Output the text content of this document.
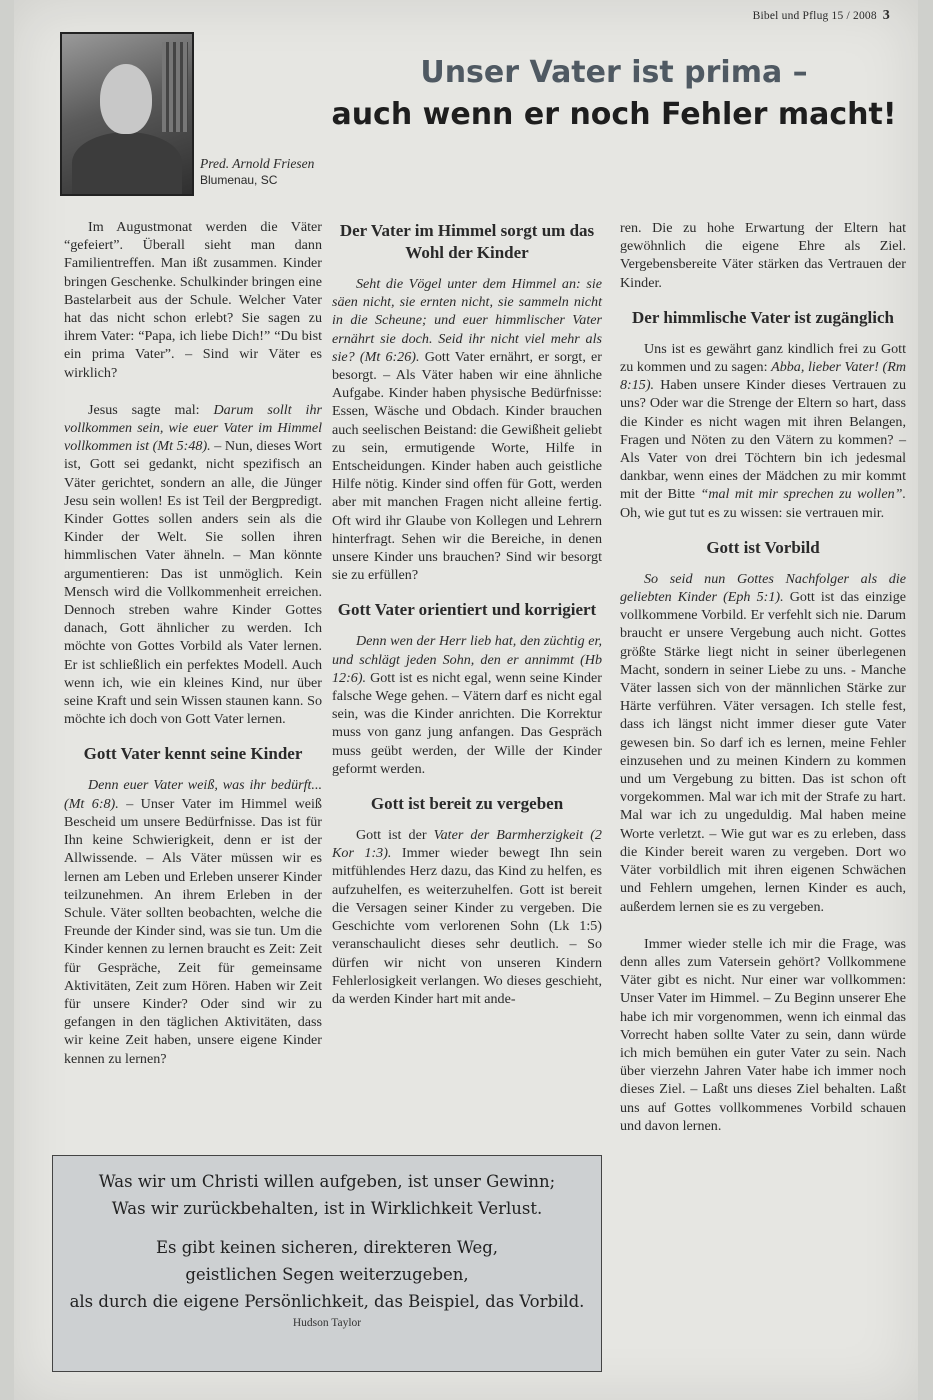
Bibel und Pflug 15 / 2008 3
Pred. Arnold Friesen
Blumenau, SC
Unser Vater ist prima –
auch wenn er noch Fehler macht!

Im Augustmonat werden die Väter “gefeiert”. Überall sieht man dann Familientreffen. Man ißt zusammen. Kinder bringen Geschenke. Schulkinder bringen eine Bastelarbeit aus der Schule. Welcher Vater hat das nicht schon erlebt? Sie sagen zu ihrem Vater: “Papa, ich liebe Dich!” “Du bist ein prima Vater”. – Sind wir Väter es wirklich?

Jesus sagte mal: Darum sollt ihr vollkommen sein, wie euer Vater im Himmel vollkommen ist (Mt 5:48). – Nun, dieses Wort ist, Gott sei gedankt, nicht spezifisch an Väter gerichtet, sondern an alle, die Jünger Jesu sein wollen! Es ist Teil der Bergpredigt. Kinder Gottes sollen anders sein als die Kinder der Welt. Sie sollen ihren himmlischen Vater ähneln. – Man könnte argumentieren: Das ist unmöglich. Kein Mensch wird die Vollkommenheit erreichen. Dennoch streben wahre Kinder Gottes danach, Gott ähnlicher zu werden. Ich möchte von Gottes Vorbild als Vater lernen. Er ist schließlich ein perfektes Modell. Auch wenn ich, wie ein kleines Kind, nur über seine Kraft und sein Wissen staunen kann. So möchte ich doch von Gott Vater lernen.

Gott Vater kennt seine Kinder

Denn euer Vater weiß, was ihr bedürft...(Mt 6:8). – Unser Vater im Himmel weiß Bescheid um unsere Bedürfnisse. Das ist für Ihn keine Schwierigkeit, denn er ist der Allwissende. – Als Väter müssen wir es lernen am Leben und Erleben unserer Kinder teilzunehmen. An ihrem Erleben in der Schule. Väter sollten beobachten, welche die Freunde der Kinder sind, was sie tun. Um die Kinder kennen zu lernen braucht es Zeit: Zeit für Gespräche, Zeit für gemeinsame Aktivitäten, Zeit zum Hören. Haben wir Zeit für unsere Kinder? Oder sind wir zu gefangen in den täglichen Aktivitäten, dass wir keine Zeit haben, unsere eigene Kinder kennen zu lernen?

Der Vater im Himmel sorgt um das Wohl der Kinder

Seht die Vögel unter dem Himmel an: sie säen nicht, sie ernten nicht, sie sammeln nicht in die Scheune; und euer himmlischer Vater ernährt sie doch. Seid ihr nicht viel mehr als sie? (Mt 6:26). Gott Vater ernährt, er sorgt, er besorgt. – Als Väter haben wir eine ähnliche Aufgabe. Kinder haben physische Bedürfnisse: Essen, Wäsche und Obdach. Kinder brauchen auch seelischen Beistand: die Gewißheit geliebt zu sein, ermutigende Worte, Hilfe in Entscheidungen. Kinder haben auch geistliche Hilfe nötig. Kinder sind offen für Gott, werden aber mit manchen Fragen nicht alleine fertig. Oft wird ihr Glaube von Kollegen und Lehrern hinterfragt. Sehen wir die Bereiche, in denen unsere Kinder uns brauchen? Sind wir besorgt sie zu erfüllen?

Gott Vater orientiert und korrigiert

Denn wen der Herr lieb hat, den züchtig er, und schlägt jeden Sohn, den er annimmt (Hb 12:6). Gott ist es nicht egal, wenn seine Kinder falsche Wege gehen. – Vätern darf es nicht egal sein, was die Kinder anrichten. Die Korrektur muss von ganz jung anfangen. Das Gespräch muss geübt werden, der Wille der Kinder geformt werden.

Gott ist bereit zu vergeben

Gott ist der Vater der Barmherzigkeit (2 Kor 1:3). Immer wieder bewegt Ihn sein mitfühlendes Herz dazu, das Kind zu helfen, es aufzuhelfen, es weiterzuhelfen. Gott ist bereit die Versagen seiner Kinder zu vergeben. Die Geschichte vom verlorenen Sohn (Lk 1:5) veranschaulicht dieses sehr deutlich. – So dürfen wir nicht von unseren Kindern Fehlerlosigkeit verlangen. Wo dieses geschieht, da werden Kinder hart mit ande-

ren. Die zu hohe Erwartung der Eltern hat gewöhnlich die eigene Ehre als Ziel. Vergebensbereite Väter stärken das Vertrauen der Kinder.

Der himmlische Vater ist zugänglich

Uns ist es gewährt ganz kindlich frei zu Gott zu kommen und zu sagen: Abba, lieber Vater! (Rm 8:15). Haben unsere Kinder dieses Vertrauen zu uns? Oder war die Strenge der Eltern so hart, dass die Kinder es nicht wagen mit ihren Belangen, Fragen und Nöten zu den Vätern zu kommen? – Als Vater von drei Töchtern bin ich jedesmal dankbar, wenn eines der Mädchen zu mir kommt mit der Bitte “mal mit mir sprechen zu wollen”. Oh, wie gut tut es zu wissen: sie vertrauen mir.

Gott ist Vorbild

So seid nun Gottes Nachfolger als die geliebten Kinder (Eph 5:1). Gott ist das einzige vollkommene Vorbild. Er verfehlt sich nie. Darum braucht er unsere Vergebung auch nicht. Gottes größte Stärke liegt nicht in seiner überlegenen Macht, sondern in seiner Liebe zu uns. - Manche Väter lassen sich von der männlichen Stärke zur Härte verführen. Väter versagen. Ich stelle fest, dass ich längst nicht immer dieser gute Vater gewesen bin. So darf ich es lernen, meine Fehler einzusehen und zu meinen Kindern zu kommen und um Vergebung zu bitten. Das ist schon oft vorgekommen. Mal war ich mit der Strafe zu hart. Mal war ich zu ungeduldig. Mal haben meine Worte verletzt. – Wie gut war es zu erleben, dass die Kinder bereit waren zu vergeben. Dort wo Väter vorbildlich mit ihren eigenen Schwächen und Fehlern umgehen, lernen Kinder es auch, außerdem lernen sie es zu vergeben.

Immer wieder stelle ich mir die Frage, was denn alles zum Vatersein gehört? Vollkommene Väter gibt es nicht. Nur einer war vollkommen: Unser Vater im Himmel. – Zu Beginn unserer Ehe habe ich mir vorgenommen, wenn ich einmal das Vorrecht haben sollte Vater zu sein, dann würde ich mich bemühen ein guter Vater zu sein. Nach über vierzehn Jahren Vater habe ich immer noch dieses Ziel. – Laßt uns dieses Ziel behalten. Laßt uns auf Gottes vollkommenes Vorbild schauen und davon lernen.

Was wir um Christi willen aufgeben, ist unser Gewinn;
Was wir zurückbehalten, ist in Wirklichkeit Verlust.
Es gibt keinen sicheren, direkteren Weg,
geistlichen Segen weiterzugeben,
als durch die eigene Persönlichkeit, das Beispiel, das Vorbild.
Hudson Taylor
